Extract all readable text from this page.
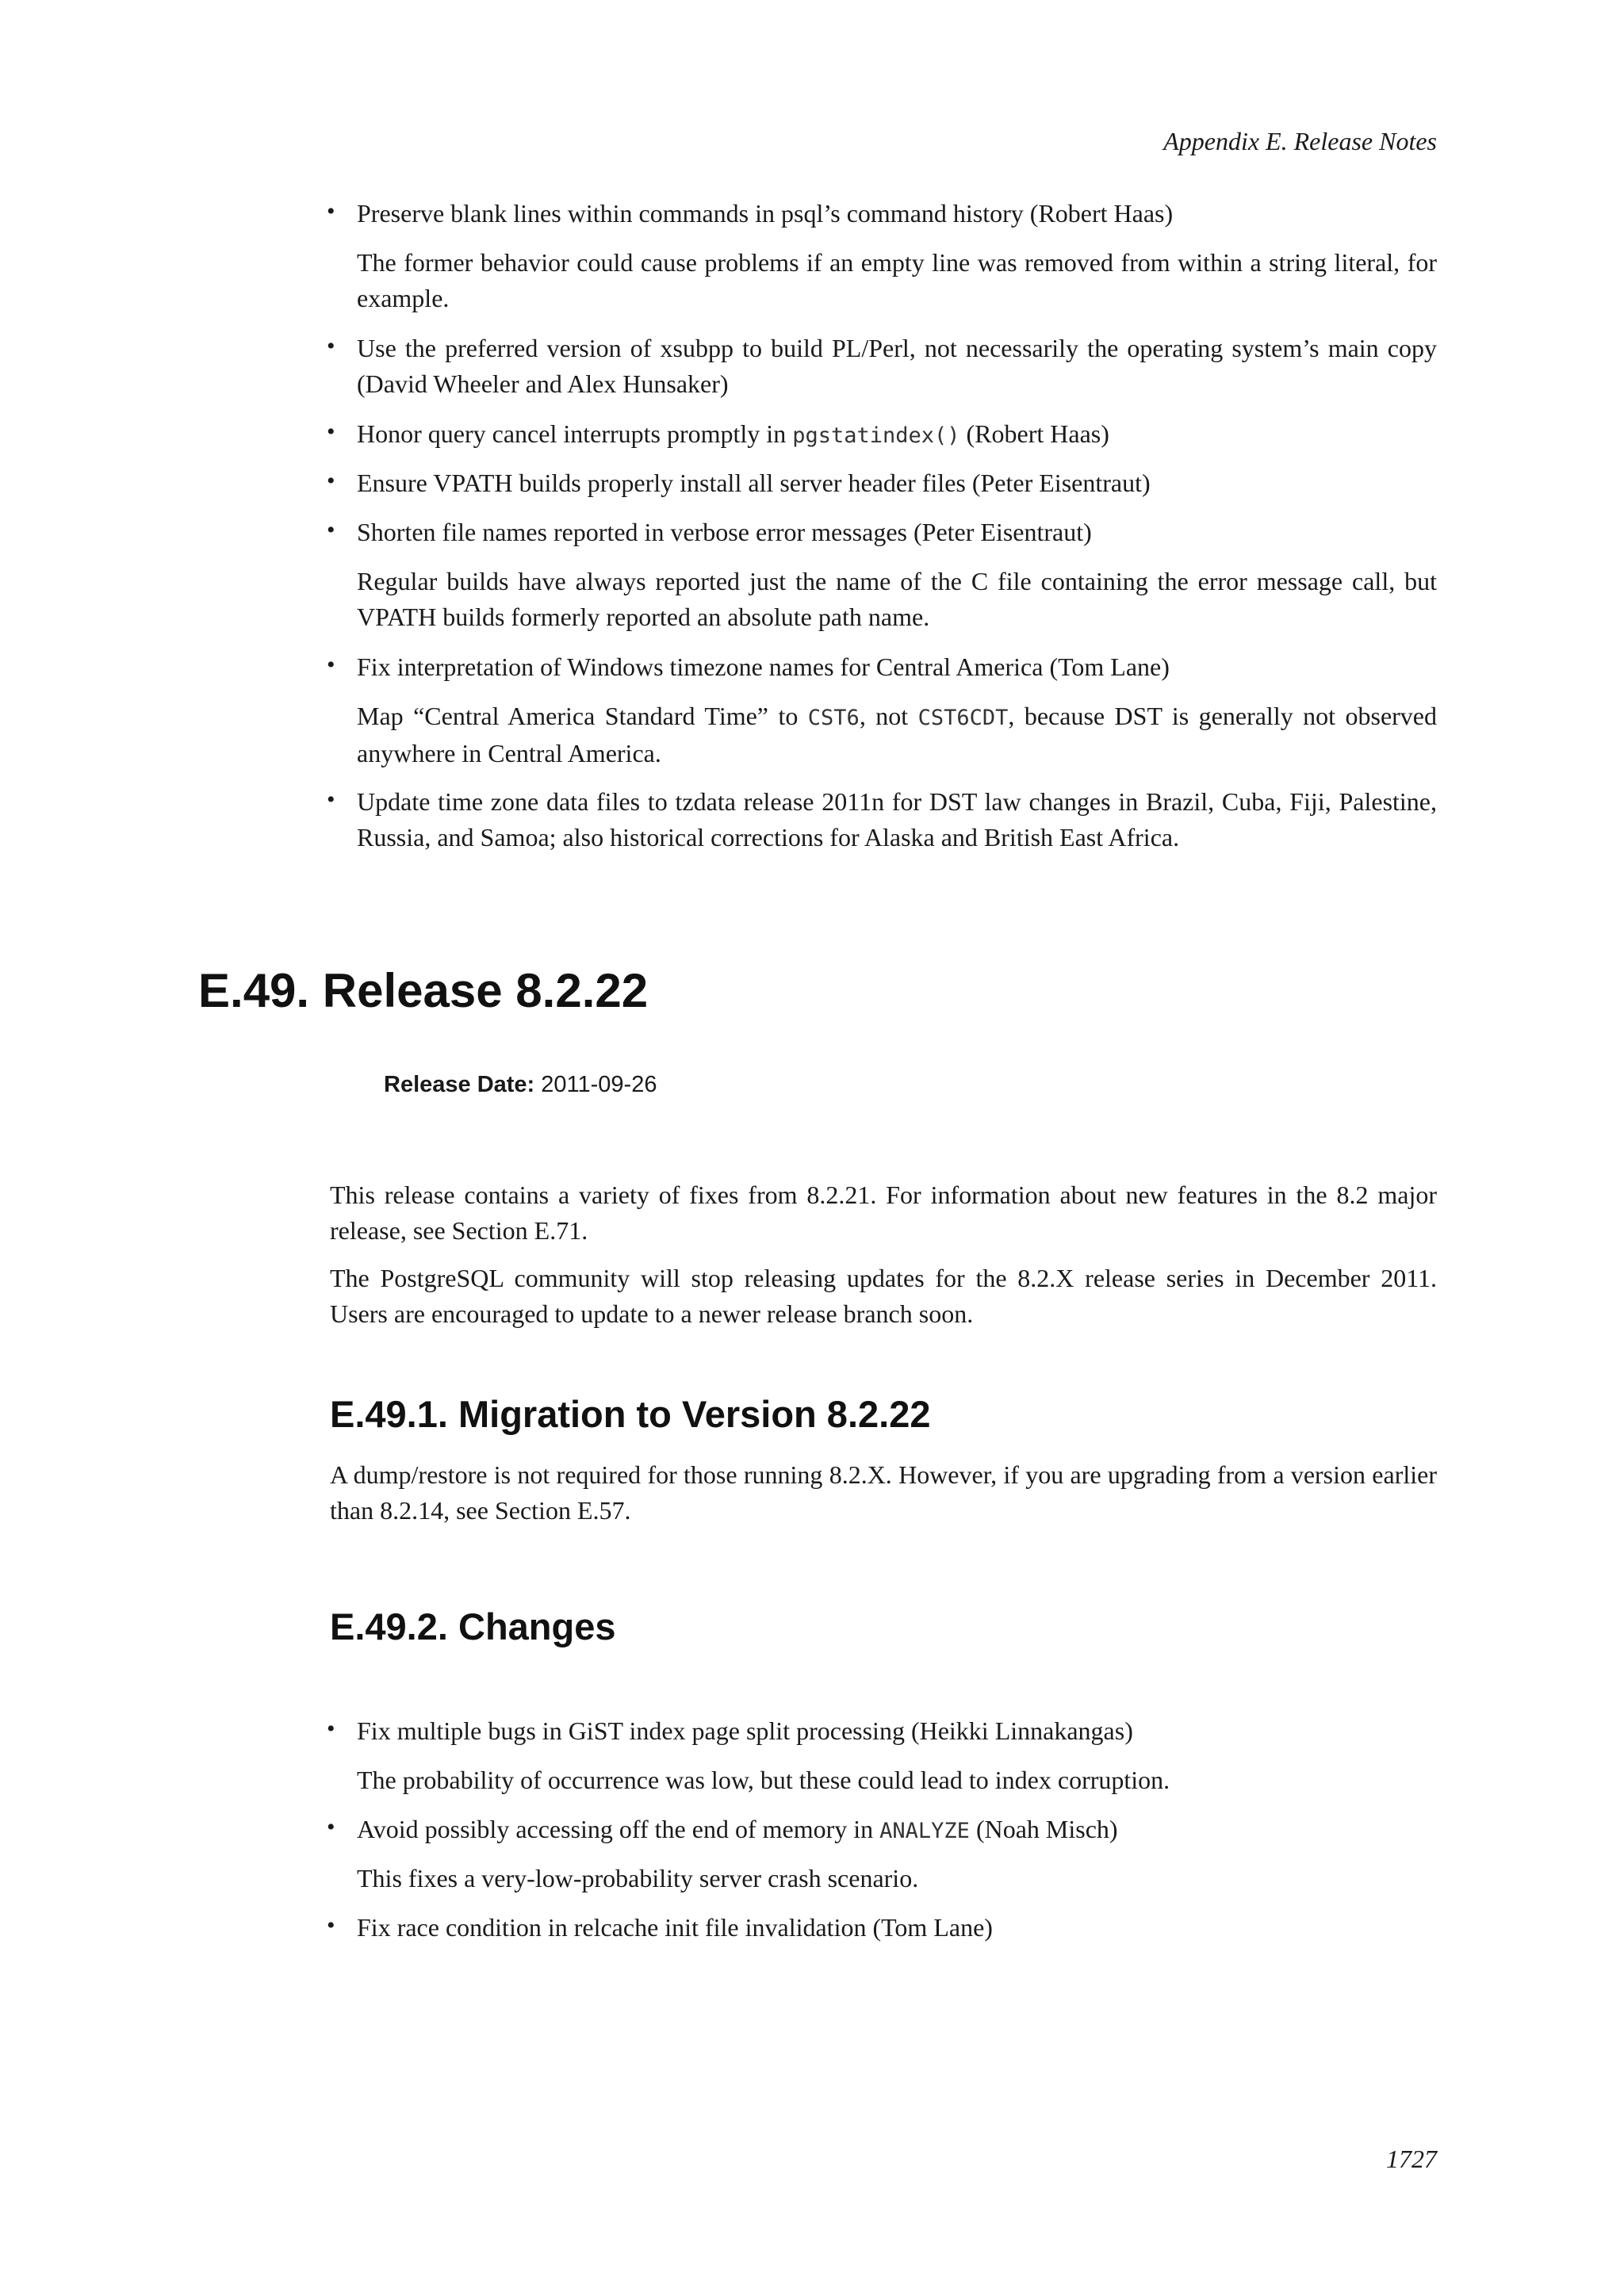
Appendix E. Release Notes
• Preserve blank lines within commands in psql’s command history (Robert Haas)

The former behavior could cause problems if an empty line was removed from within a string literal, for example.

• Use the preferred version of xsubpp to build PL/Perl, not necessarily the operating system’s main copy (David Wheeler and Alex Hunsaker)

• Honor query cancel interrupts promptly in pgstatindex() (Robert Haas)

• Ensure VPATH builds properly install all server header files (Peter Eisentraut)

• Shorten file names reported in verbose error messages (Peter Eisentraut)

Regular builds have always reported just the name of the C file containing the error message call, but VPATH builds formerly reported an absolute path name.

• Fix interpretation of Windows timezone names for Central America (Tom Lane)

Map “Central America Standard Time” to CST6, not CST6CDT, because DST is generally not observed anywhere in Central America.

• Update time zone data files to tzdata release 2011n for DST law changes in Brazil, Cuba, Fiji, Palestine, Russia, and Samoa; also historical corrections for Alaska and British East Africa.

E.49. Release 8.2.22
Release Date: 2011-09-26

This release contains a variety of fixes from 8.2.21. For information about new features in the 8.2 major release, see Section E.71.

The PostgreSQL community will stop releasing updates for the 8.2.X release series in December 2011. Users are encouraged to update to a newer release branch soon.

E.49.1. Migration to Version 8.2.22

A dump/restore is not required for those running 8.2.X. However, if you are upgrading from a version earlier than 8.2.14, see Section E.57.

E.49.2. Changes
• Fix multiple bugs in GiST index page split processing (Heikki Linnakangas)

The probability of occurrence was low, but these could lead to index corruption.

• Avoid possibly accessing off the end of memory in ANALYZE (Noah Misch)

This fixes a very-low-probability server crash scenario.

• Fix race condition in relcache init file invalidation (Tom Lane)

1727
